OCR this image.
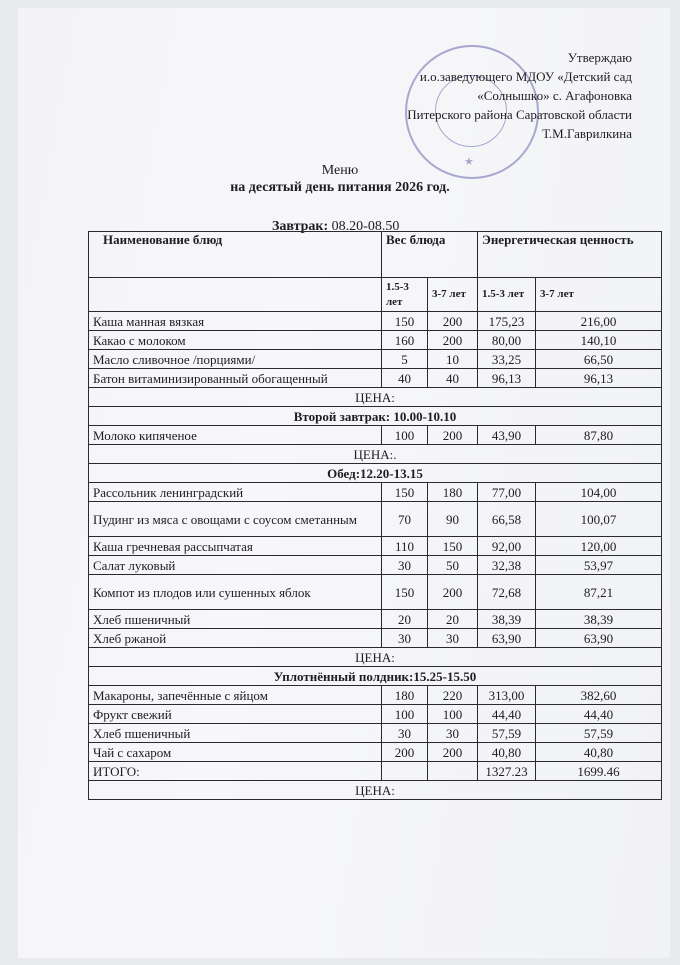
★
Утверждаю
и.о.заведующего МДОУ «Детский сад
«Солнышко» с. Агафоновка
Питерского района Саратовской области
Т.М.Гаврилкина
Меню
на десятый день питания 2026 год.
Завтрак: 08.20-08.50
Наименование блюд	Вес блюда		Энергетическая ценность	
	1.5-3 лет	3-7 лет	1.5-3 лет	3-7 лет
Каша манная вязкая	150	200	175,23	216,00
Какао с молоком	160	200	80,00	140,10
Масло сливочное /порциями/	5	10	33,25	66,50
Батон витаминизированный обогащенный	40	40	96,13	96,13
ЦЕНА:				
Второй завтрак: 10.00-10.10				
Молоко кипяченое	100	200	43,90	87,80
ЦЕНА:.				
Обед:12.20-13.15				
Рассольник ленинградский	150	180	77,00	104,00
Пудинг из мяса с овощами с соусом сметанным	70	90	66,58	100,07
Каша гречневая рассыпчатая	110	150	92,00	120,00
Салат луковый	30	50	32,38	53,97
Компот из плодов или сушенных яблок	150	200	72,68	87,21
Хлеб пшеничный	20	20	38,39	38,39
Хлеб ржаной	30	30	63,90	63,90
ЦЕНА:				
Уплотнённый полдник:15.25-15.50				
Макароны, запечённые с яйцом	180	220	313,00	382,60
Фрукт свежий	100	100	44,40	44,40
Хлеб пшеничный	30	30	57,59	57,59
Чай с сахаром	200	200	40,80	40,80
ИТОГО:			1327.23	1699.46
ЦЕНА:				
